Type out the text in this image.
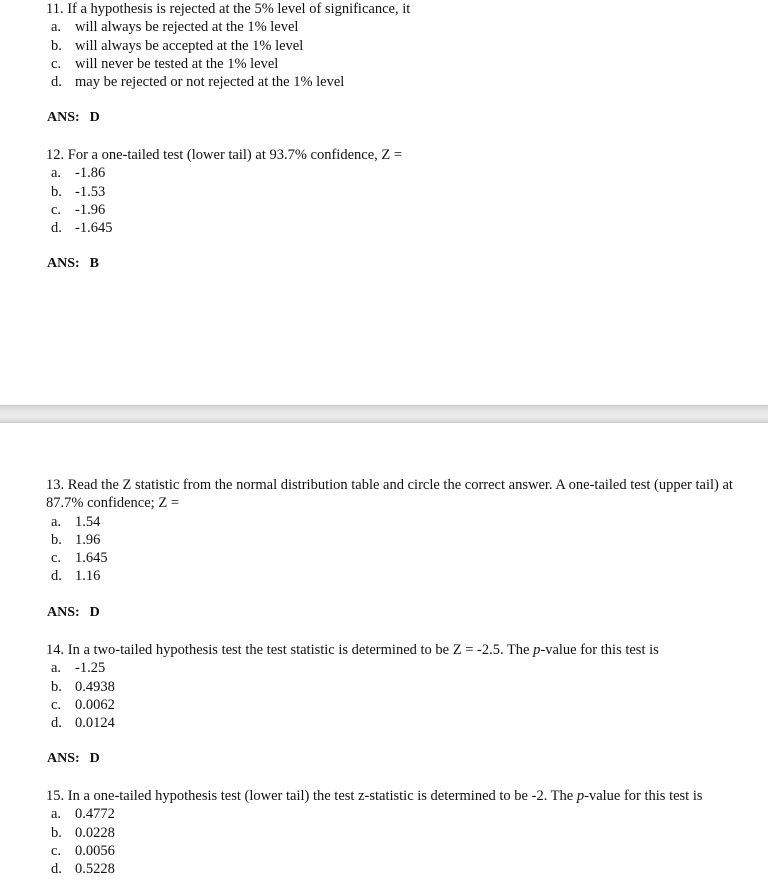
11. If a hypothesis is rejected at the 5% level of significance, it
a. will always be rejected at the 1% level
b. will always be accepted at the 1% level
c. will never be tested at the 1% level
d. may be rejected or not rejected at the 1% level
ANS: D
12. For a one-tailed test (lower tail) at 93.7% confidence, Z =
a. -1.86
b. -1.53
c. -1.96
d. -1.645
ANS: B
13. Read the Z statistic from the normal distribution table and circle the correct answer. A one-tailed test (upper tail) at 87.7% confidence; Z =
a. 1.54
b. 1.96
c. 1.645
d. 1.16
ANS: D
14. In a two-tailed hypothesis test the test statistic is determined to be Z = -2.5. The p-value for this test is
a. -1.25
b. 0.4938
c. 0.0062
d. 0.0124
ANS: D
15. In a one-tailed hypothesis test (lower tail) the test z-statistic is determined to be -2. The p-value for this test is
a. 0.4772
b. 0.0228
c. 0.0056
d. 0.5228
